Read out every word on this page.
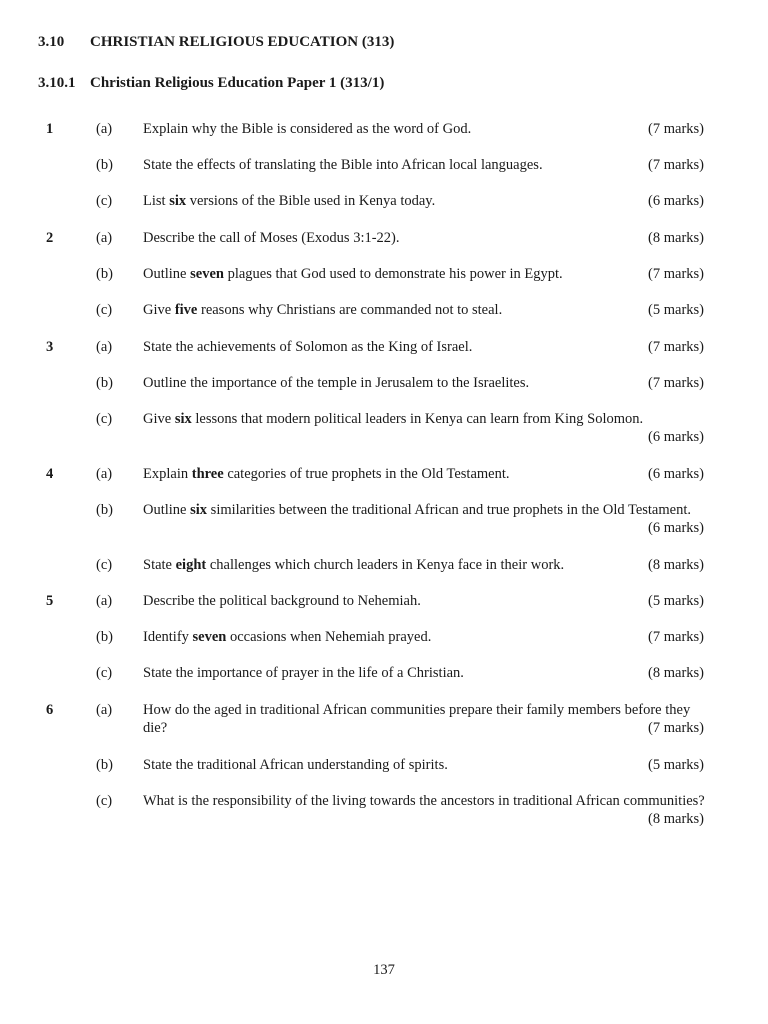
3.10 CHRISTIAN RELIGIOUS EDUCATION (313)
3.10.1 Christian Religious Education Paper 1 (313/1)
1	(a)	Explain why the Bible is considered as the word of God.	(7 marks)
(b)	State the effects of translating the Bible into African local languages.	(7 marks)
(c)	List six versions of the Bible used in Kenya today.	(6 marks)
2	(a)	Describe the call of Moses (Exodus 3:1-22).	(8 marks)
(b)	Outline seven plagues that God used to demonstrate his power in Egypt.	(7 marks)
(c)	Give five reasons why Christians are commanded not to steal.	(5 marks)
3	(a)	State the achievements of Solomon as the King of Israel.	(7 marks)
(b)	Outline the importance of the temple in Jerusalem to the Israelites.	(7 marks)
(c)	Give six lessons that modern political leaders in Kenya can learn from King Solomon.
(6 marks)
4	(a)	Explain three categories of true prophets in the Old Testament.	(6 marks)
(b)	Outline six similarities between the traditional African and true prophets in the Old Testament.
(6 marks)
(c)	State eight challenges which church leaders in Kenya face in their work.	(8 marks)
5	(a)	Describe the political background to Nehemiah.	(5 marks)
(b)	Identify seven occasions when Nehemiah prayed.	(7 marks)
(c)	State the importance of prayer in the life of a Christian.	(8 marks)
6	(a)	How do the aged in traditional African communities prepare their family members before they die?	(7 marks)
(b)	State the traditional African understanding of spirits.	(5 marks)
(c)	What is the responsibility of the living towards the ancestors in traditional African communities?
(8 marks)
137
